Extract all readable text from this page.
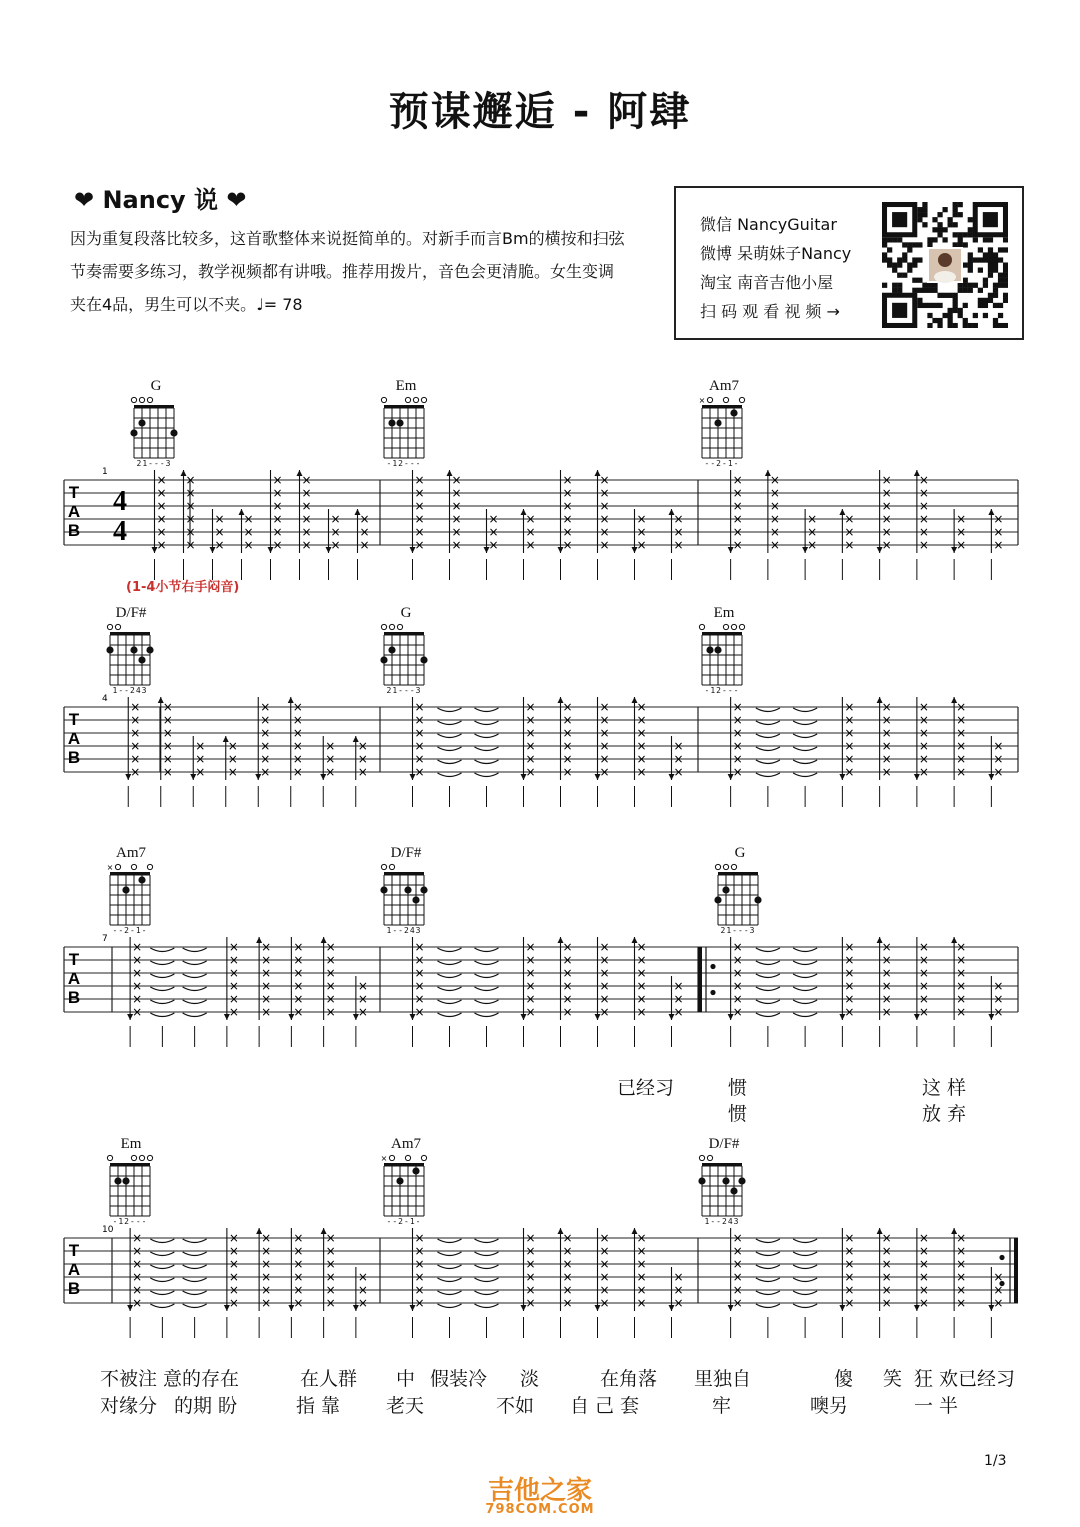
预谋邂逅 - 阿肆
❤ Nancy 说 ❤
因为重复段落比较多，这首歌整体来说挺简单的。对新手而言Bm的横按和扫弦
节奏需要多练习，教学视频都有讲哦。推荐用拨片，音色会更清脆。女生变调
夹在4品，男生可以不夹。♩= 78
微信 NancyGuitar
微博 呆萌妹子Nancy
淘宝 南音吉他小屋
扫 码 观 看 视 频 →
G	Em	Am7
21---3	-12---	--2-1-
D/F#	G	Em
1--243	21---3	-12---
Am7	D/F#	G
--2-1-	1--243	21---3
Em	Am7	D/F#
-12---	--2-1-	1--243
×
T
A
B
1
4
4
×
×
×
×
×
×
×
×
×
×
×
×
×
×
×
×
×
×
×
×
×
×
×
×
×
×
×
×
×
×
×
×
×
×
×
×
×
×
×
×
×
×
×
×
×
×
×
×
×
×
×
×
×
×
×
×
×
×
×
×
×
×
×
×
×
×
×
×
×
×
×
×
×
×
×
×
×
×
×
×
×
×
×
×
×
×
×
×
×
×
×
×
×
×
×
×
×
×
×
×
×
×
×
×
×
×
×
×
T
A
B
4
×
×
×
×
×
×
×
×
×
×
×
×
×
×
×
×
×
×
×
×
×
×
×
×
×
×
×
×
×
×
×
×
×
×
×
×
×
×
×
×
×
×
×
×
×
×
×
×
×
×
×
×
×
×
×
×
×
×
×
×
×
×
×
×
×
×
×
×
×
×
×
×
×
×
×
×
×
×
×
×
×
×
×
×
×
×
×
×
×
×
×
×
×
×
×
×
×
×
×
×
×
×
×
T
A
B
7
×
×
×
×
×
×
×
×
×
×
×
×
×
×
×
×
×
×
×
×
×
×
×
×
×
×
×
×
×
×
×
×
×
×
×
×
×
×
×
×
×
×
×
×
×
×
×
×
×
×
×
×
×
×
×
×
×
×
×
×
×
×
×
×
×
×
×
×
×
×
×
×
×
×
×
×
×
×
×
×
×
×
×
×
×
×
×
×
×
×
×
×
×
×
×
×
×
×
×
×
T
A
B
10
×
×
×
×
×
×
×
×
×
×
×
×
×
×
×
×
×
×
×
×
×
×
×
×
×
×
×
×
×
×
×
×
×
×
×
×
×
×
×
×
×
×
×
×
×
×
×
×
×
×
×
×
×
×
×
×
×
×
×
×
×
×
×
×
×
×
×
×
×
×
×
×
×
×
×
×
×
×
×
×
×
×
×
×
×
×
×
×
×
×
×
×
×
×
×
×
×
×
×
(1-4小节右手闷音)
已经习	惯	这 样
惯	放 弃
不被注 意的存在	在人群 中 假装冷 淡	在角落 里独自	傻 笑 狂 欢已经习
对缘分 的期 盼	指 靠 老天	不如 自 己 套	牢	噢另	一 半
1/3
吉他之家
798COM.COM
